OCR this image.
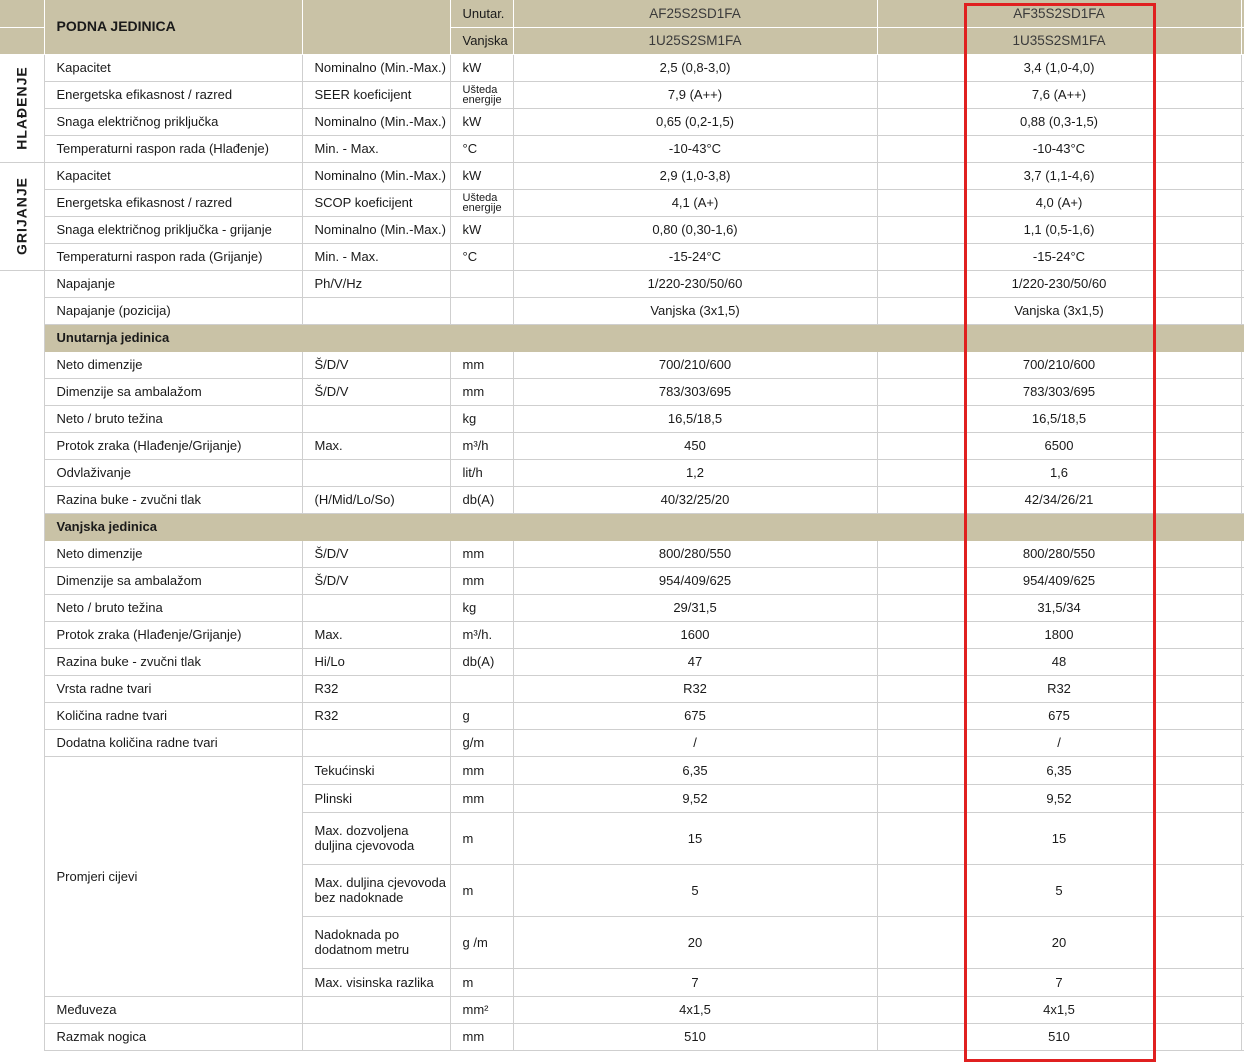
	PODNA JEDINICA		Unutar.	AF25S2SD1FA	AF35S2SD1FA	
			Vanjska	1U25S2SM1FA	1U35S2SM1FA	

HLAĐENJE	Kapacitet	Nominalno (Min.-Max.)	kW	2,5 (0,8-3,0)	3,4 (1,0-4,0)	
	Energetska efikasnost / razred	SEER koeficijent	Ušteda energije	7,9 (A++)	7,6 (A++)	
	Snaga električnog priključka	Nominalno (Min.-Max.)	kW	0,65 (0,2-1,5)	0,88 (0,3-1,5)	
	Temperaturni raspon rada (Hlađenje)	Min. - Max.	°C	-10-43°C	-10-43°C	

GRIJANJE	Kapacitet	Nominalno (Min.-Max.)	kW	2,9 (1,0-3,8)	3,7 (1,1-4,6)	
	Energetska efikasnost / razred	SCOP koeficijent	Ušteda energije	4,1 (A+)	4,0 (A+)	
	Snaga električnog priključka - grijanje	Nominalno (Min.-Max.)	kW	0,80 (0,30-1,6)	1,1 (0,5-1,6)	
	Temperaturni raspon rada (Grijanje)	Min. - Max.	°C	-15-24°C	-15-24°C	
	Napajanje	Ph/V/Hz		1/220-230/50/60	1/220-230/50/60	
	Napajanje (pozicija)			Vanjska (3x1,5)	Vanjska (3x1,5)	
	Unutarnja jedinica					
	Neto dimenzije	Š/D/V	mm	700/210/600	700/210/600	
	Dimenzije sa ambalažom	Š/D/V	mm	783/303/695	783/303/695	
	Neto / bruto težina		kg	16,5/18,5	16,5/18,5	
	Protok zraka (Hlađenje/Grijanje)	Max.	m³/h	450	6500	
	Odvlaživanje		lit/h	1,2	1,6	
	Razina buke - zvučni tlak	(H/Mid/Lo/So)	db(A)	40/32/25/20	42/34/26/21	
	Vanjska jedinica					
	Neto dimenzije	Š/D/V	mm	800/280/550	800/280/550	
	Dimenzije sa ambalažom	Š/D/V	mm	954/409/625	954/409/625	
	Neto / bruto težina		kg	29/31,5	31,5/34	
	Protok zraka (Hlađenje/Grijanje)	Max.	m³/h.	1600	1800	
	Razina buke - zvučni tlak	Hi/Lo	db(A)	47	48	
	Vrsta radne tvari	R32		R32	R32	
	Količina radne tvari	R32	g	675	675	
	Dodatna količina radne tvari		g/m	/	/	
	Promjeri cijevi	Tekućinski	mm	6,35	6,35	
		Plinski	mm	9,52	9,52	
		Max. dozvoljena duljina cjevovoda	m	15	15	
		Max. duljina cjevovoda bez nadoknade	m	5	5	
		Nadoknada po dodatnom metru	g /m	20	20	
		Max. visinska razlika	m	7	7	
	Međuveza		mm²	4x1,5	4x1,5	
	Razmak nogica		mm	510	510	
